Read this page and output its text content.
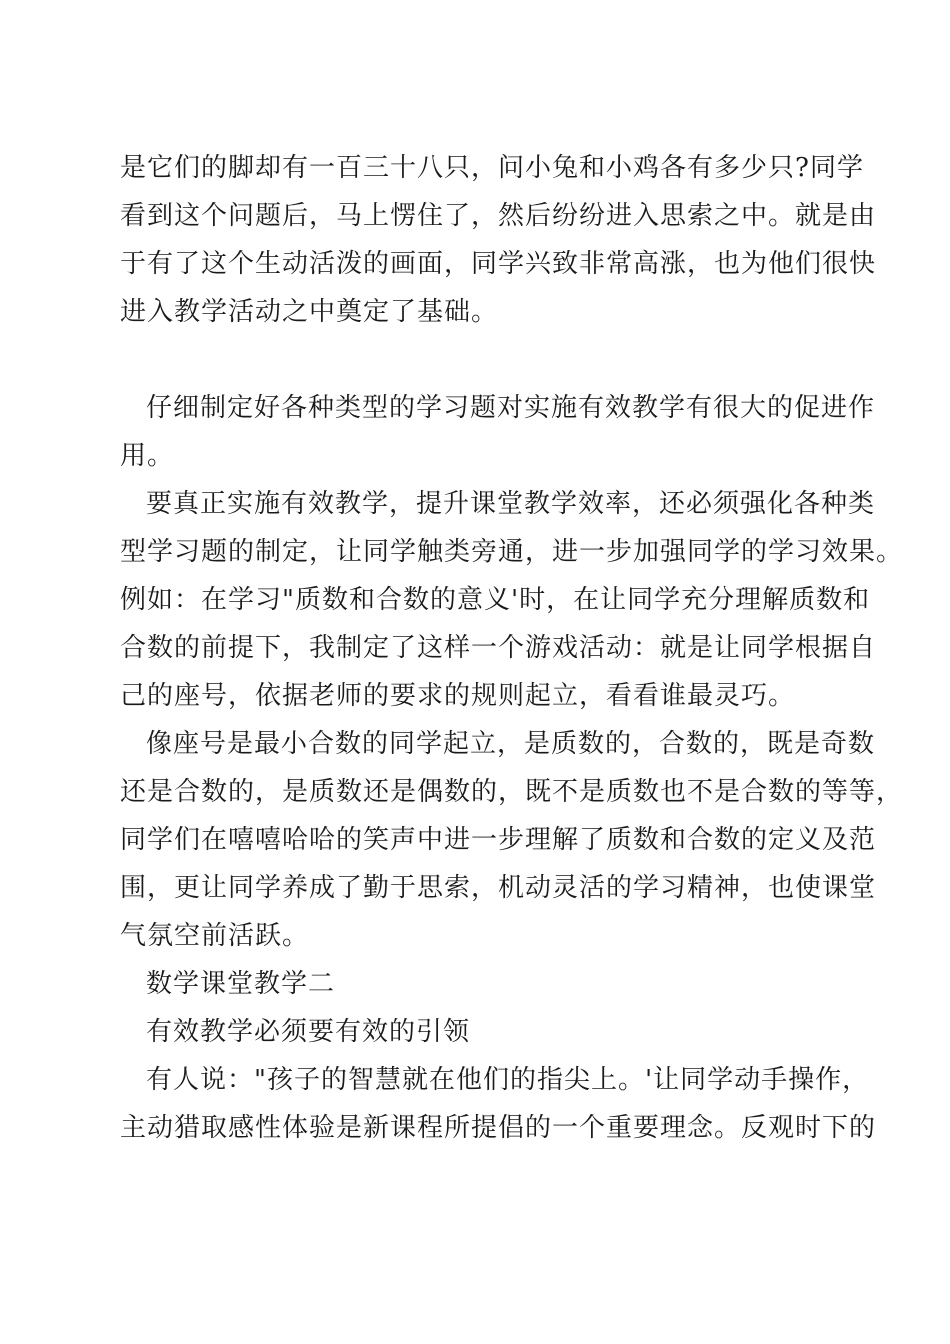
是它们的脚却有一百三十八只，问小兔和小鸡各有多少只?同学
看到这个问题后，马上愣住了，然后纷纷进入思索之中。就是由
于有了这个生动活泼的画面，同学兴致非常高涨，也为他们很快
进入教学活动之中奠定了基础。
仔细制定好各种类型的学习题对实施有效教学有很大的促进作
用。
要真正实施有效教学，提升课堂教学效率，还必须强化各种类
型学习题的制定，让同学触类旁通，进一步加强同学的学习效果。
例如：在学习"质数和合数的意义'时，在让同学充分理解质数和
合数的前提下，我制定了这样一个游戏活动：就是让同学根据自
己的座号，依据老师的要求的规则起立，看看谁最灵巧。
像座号是最小合数的同学起立，是质数的，合数的，既是奇数
还是合数的，是质数还是偶数的，既不是质数也不是合数的等等，
同学们在嘻嘻哈哈的笑声中进一步理解了质数和合数的定义及范
围，更让同学养成了勤于思索，机动灵活的学习精神，也使课堂
气氛空前活跃。
数学课堂教学二
有效教学必须要有效的引领
有人说："孩子的智慧就在他们的指尖上。'让同学动手操作，
主动猎取感性体验是新课程所提倡的一个重要理念。反观时下的
